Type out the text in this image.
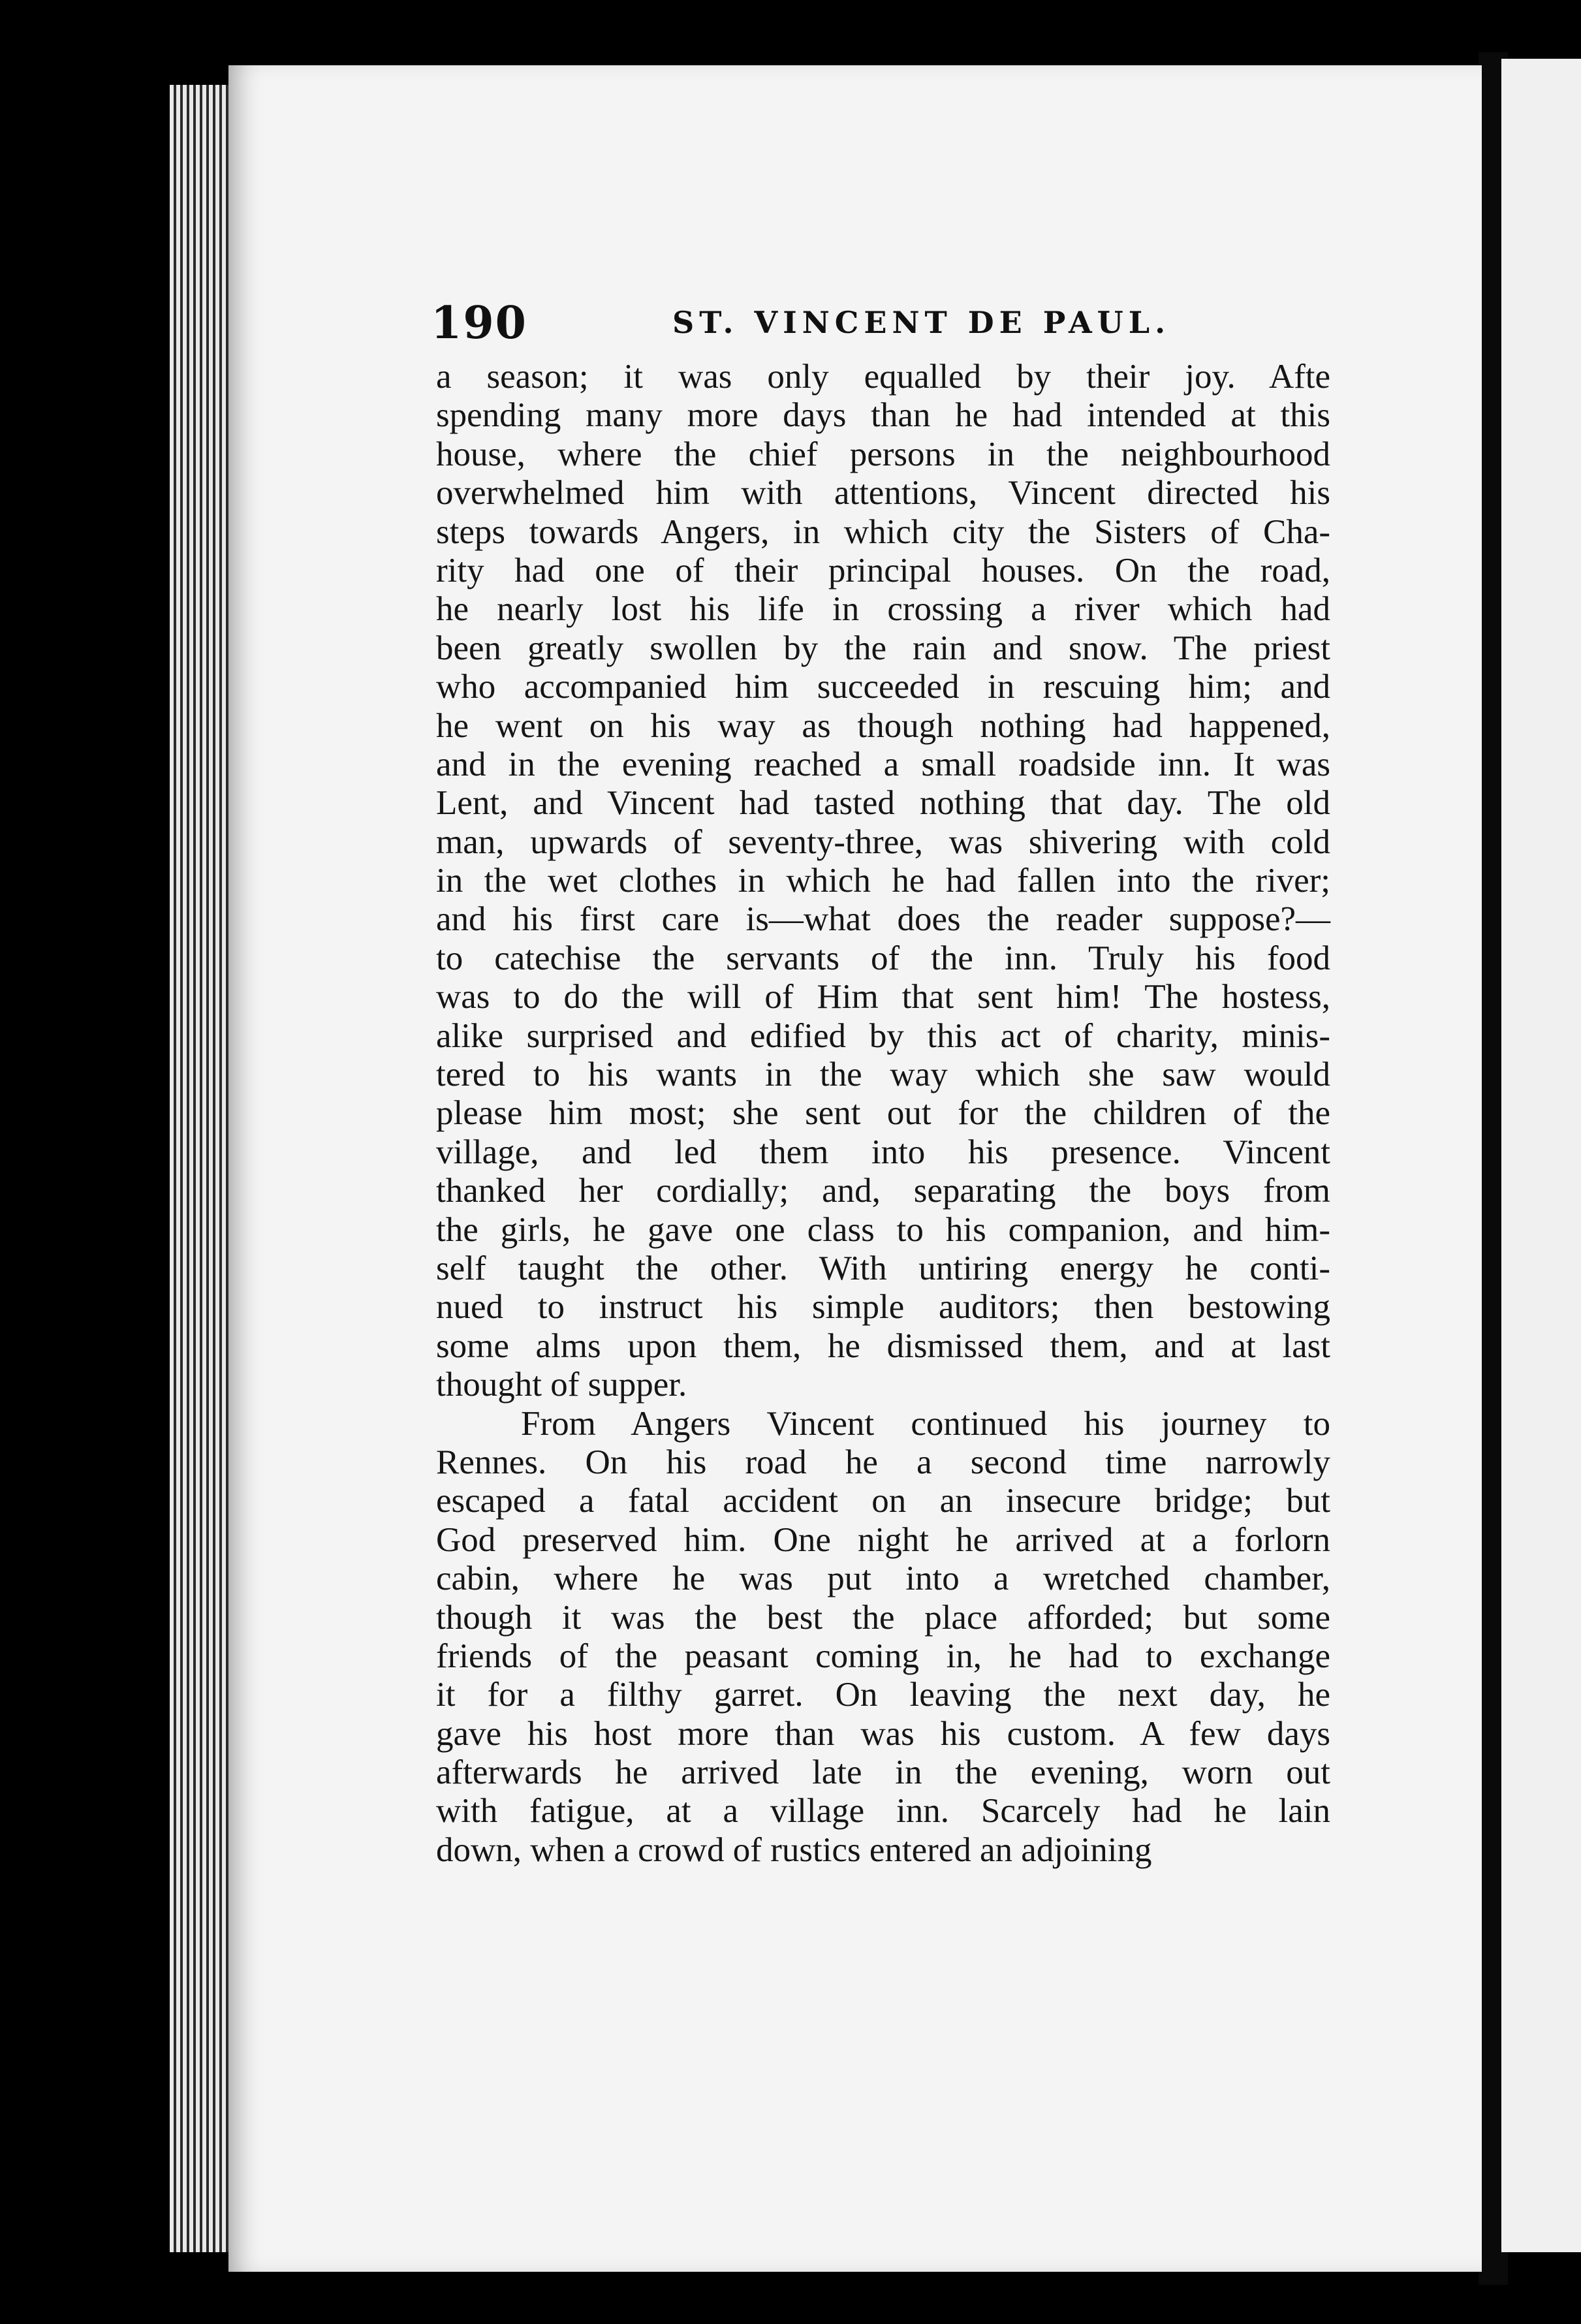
190	ST. VINCENT DE PAUL.
a season; it was only equalled by their joy. Afte
spending many more days than he had intended at this
house, where the chief persons in the neighbourhood
overwhelmed him with attentions, Vincent directed his
steps towards Angers, in which city the Sisters of Cha-
rity had one of their principal houses. On the road,
he nearly lost his life in crossing a river which had
been greatly swollen by the rain and snow. The priest
who accompanied him succeeded in rescuing him; and
he went on his way as though nothing had happened,
and in the evening reached a small roadside inn. It was
Lent, and Vincent had tasted nothing that day. The old
man, upwards of seventy-three, was shivering with cold
in the wet clothes in which he had fallen into the river;
and his first care is—what does the reader suppose?—
to catechise the servants of the inn. Truly his food
was to do the will of Him that sent him! The hostess,
alike surprised and edified by this act of charity, minis-
tered to his wants in the way which she saw would
please him most; she sent out for the children of the
village, and led them into his presence. Vincent
thanked her cordially; and, separating the boys from
the girls, he gave one class to his companion, and him-
self taught the other. With untiring energy he conti-
nued to instruct his simple auditors; then bestowing
some alms upon them, he dismissed them, and at last
thought of supper.
From Angers Vincent continued his journey to
Rennes. On his road he a second time narrowly
escaped a fatal accident on an insecure bridge; but
God preserved him. One night he arrived at a forlorn
cabin, where he was put into a wretched chamber,
though it was the best the place afforded; but some
friends of the peasant coming in, he had to exchange
it for a filthy garret. On leaving the next day, he
gave his host more than was his custom. A few days
afterwards he arrived late in the evening, worn out
with fatigue, at a village inn. Scarcely had he lain
down, when a crowd of rustics entered an adjoining
